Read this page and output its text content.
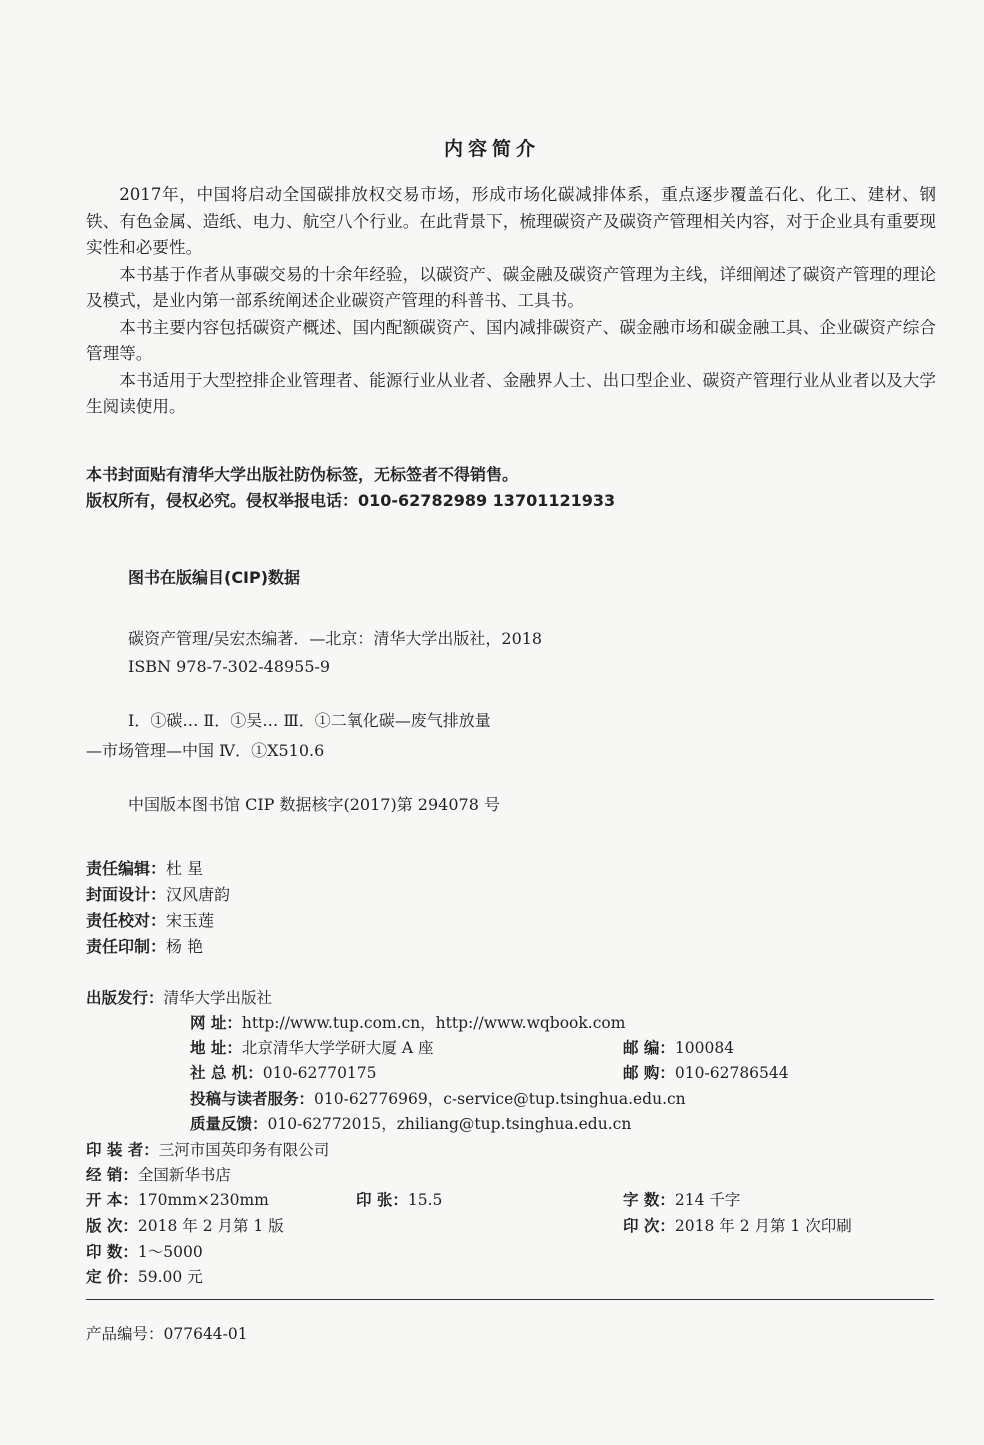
内容简介

2017年，中国将启动全国碳排放权交易市场，形成市场化碳减排体系，重点逐步覆盖石化、化工、建材、钢铁、有色金属、造纸、电力、航空八个行业。在此背景下，梳理碳资产及碳资产管理相关内容，对于企业具有重要现实性和必要性。

本书基于作者从事碳交易的十余年经验，以碳资产、碳金融及碳资产管理为主线，详细阐述了碳资产管理的理论及模式，是业内第一部系统阐述企业碳资产管理的科普书、工具书。

本书主要内容包括碳资产概述、国内配额碳资产、国内减排碳资产、碳金融市场和碳金融工具、企业碳资产综合管理等。

本书适用于大型控排企业管理者、能源行业从业者、金融界人士、出口型企业、碳资产管理行业从业者以及大学生阅读使用。

本书封面贴有清华大学出版社防伪标签，无标签者不得销售。
版权所有，侵权必究。侵权举报电话：010-62782989 13701121933
图书在版编目(CIP)数据
碳资产管理/吴宏杰编著．—北京：清华大学出版社，2018
ISBN 978-7-302-48955-9
Ⅰ．①碳… Ⅱ．①吴… Ⅲ．①二氧化碳—废气排放量
—市场管理—中国 Ⅳ．①X510.6
中国版本图书馆 CIP 数据核字(2017)第 294078 号
责任编辑：杜 星
封面设计：汉风唐韵
责任校对：宋玉莲
责任印制：杨 艳
出版发行：清华大学出版社
网 址：http://www.tup.com.cn，http://www.wqbook.com
地 址：北京清华大学学研大厦 A 座	邮 编：100084
社 总 机：010-62770175	邮 购：010-62786544
投稿与读者服务：010-62776969，c-service@tup.tsinghua.edu.cn
质量反馈：010-62772015，zhiliang@tup.tsinghua.edu.cn
印 装 者：三河市国英印务有限公司
经 销：全国新华书店
开 本：170mm×230mm	印 张：15.5	字 数：214 千字
版 次：2018 年 2 月第 1 版	印 次：2018 年 2 月第 1 次印刷
印 数：1～5000
定 价：59.00 元
产品编号：077644-01
